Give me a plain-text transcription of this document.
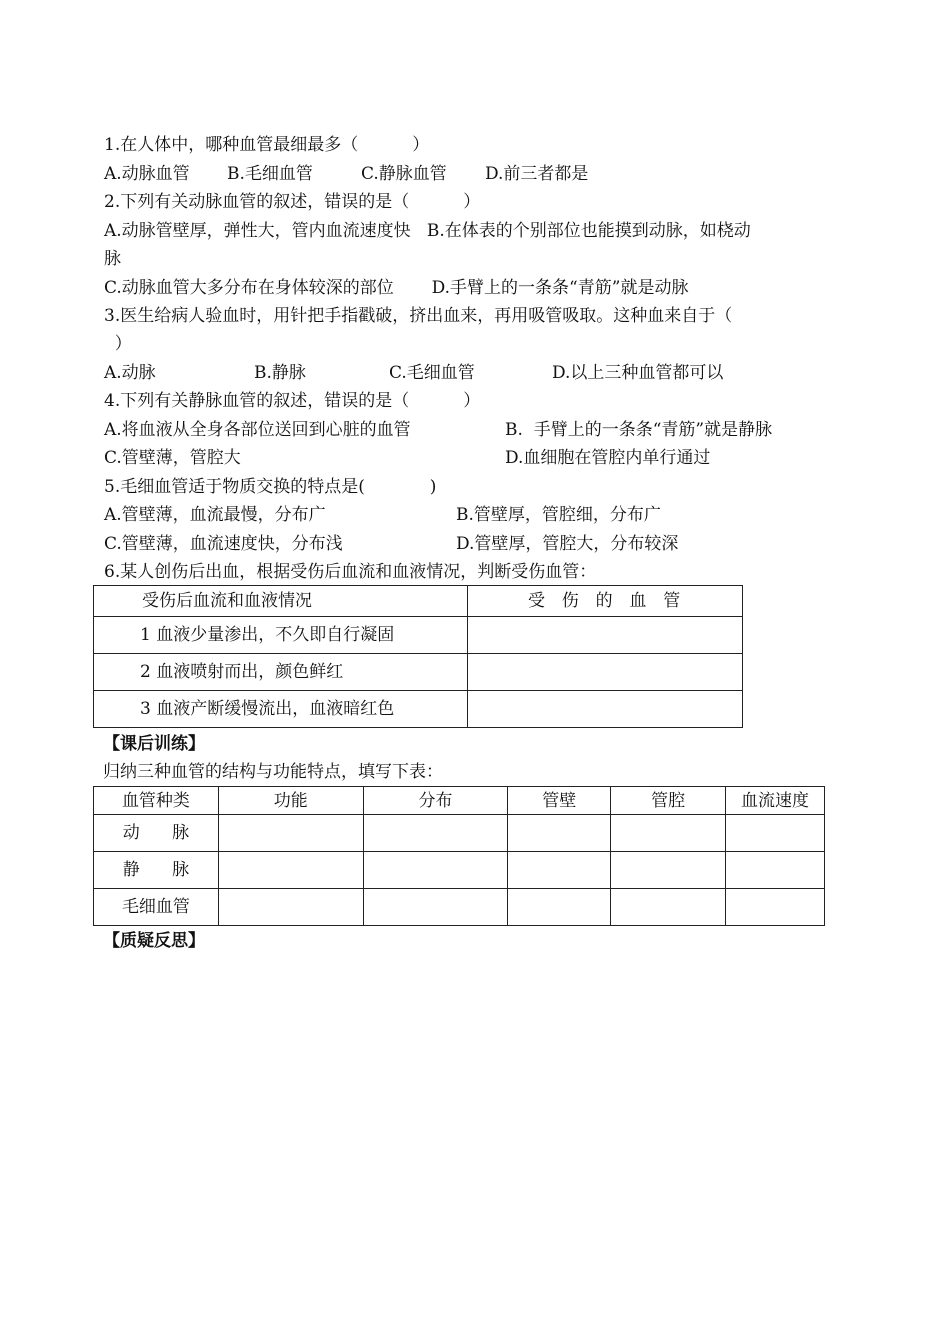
1.在人体中，哪种血管最细最多（          ）
A.动脉血管 B.毛细血管	C.静脉血管 D.前三者都是
2.下列有关动脉血管的叙述，错误的是（          ）
A.动脉管壁厚，弹性大，管内血流速度快   B.在体表的个别部位也能摸到动脉，如桡动
脉
C.动脉血管大多分布在身体较深的部位       D.手臂上的一条条“青筋”就是动脉
3.医生给病人验血时，用针把手指戳破，挤出血来，再用吸管吸取。这种血来自于（
）
A.动脉	B.静脉	C.毛细血管	D.以上三种血管都可以
4.下列有关静脉血管的叙述，错误的是（          ）
A.将血液从全身各部位送回到心脏的血管	B.  手臂上的一条条“青筋”就是静脉
C.管壁薄，管腔大	D.血细胞在管腔内单行通过
5.毛细血管适于物质交换的特点是(            )
A.管壁薄，血流最慢，分布广	B.管壁厚，管腔细，分布广
C.管壁薄，血流速度快，分布浅	D.管壁厚，管腔大，分布较深
6.某人创伤后出血，根据受伤后血流和血液情况，判断受伤血管：
受伤后血流和血液情况	受  伤  的  血  管
1 血液少量渗出，不久即自行凝固	
2 血液喷射而出，颜色鲜红	
3 血液产断缓慢流出，血液暗红色	
【课后训练】
归纳三种血管的结构与功能特点，填写下表：
血管种类	功能	分布	管壁	管腔	血流速度
动      脉					
静      脉					
毛细血管					
【质疑反思】
